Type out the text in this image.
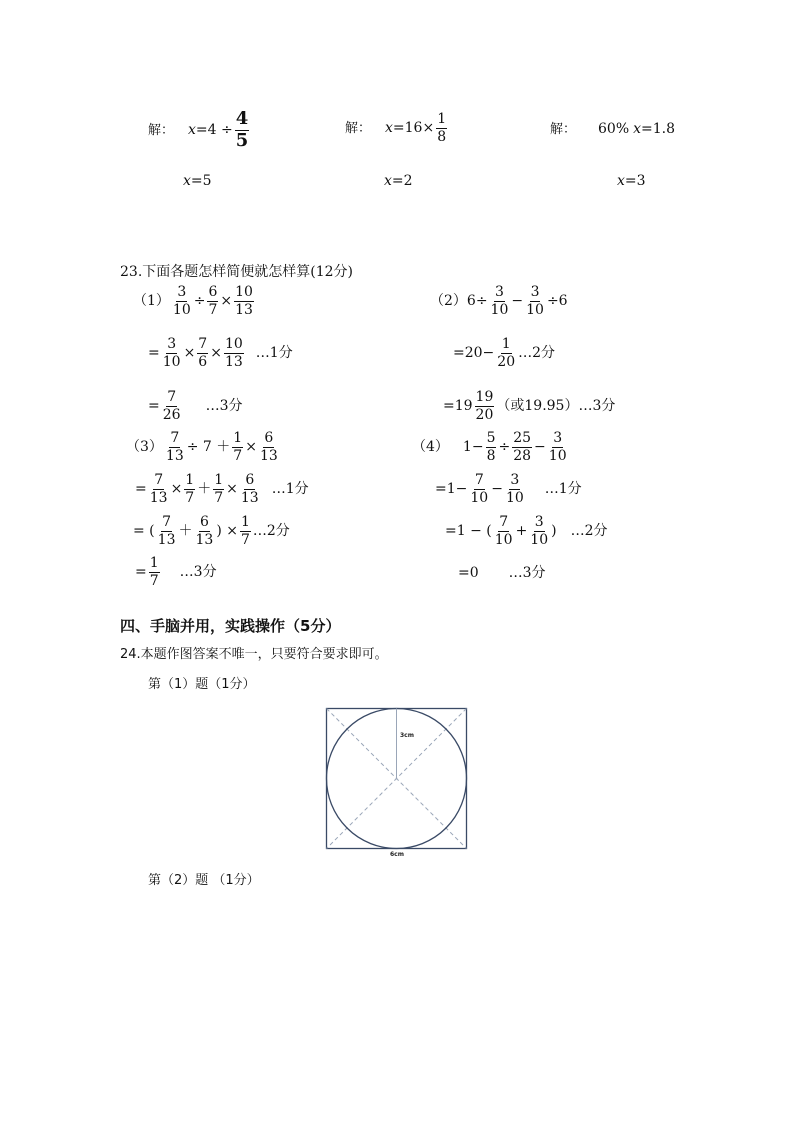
解： $x =4 \div \frac{4}{5}$	解： $x =16\times \frac{1}{8}$	解： 60% x =1.8
x=5	x=2	x=3
23.下面各题怎样简便就怎样算(12分)
$(1) \frac{3}{10} \div \frac{6}{7} \times \frac{10}{13}$
= $\frac{3}{10} \times \frac{7}{6} \times \frac{10}{13}$ …1分
= $\frac{7}{26}$ …3分
$(2)6\div \frac{3}{10} - \frac{3}{10} \div 6$
$=20- \frac{1}{20}$ …2分
$=19 \frac{19}{20}$ （或19.95） …3分
$(3) \frac{7}{13} \div 7 + \frac{1}{7} \times \frac{6}{13}$
= $\frac{7}{13} \times \frac{1}{7} + \frac{1}{7} \times \frac{6}{13}$ …1分
= ( $\frac{7}{13} + \frac{6}{13}$ ) × $\frac{1}{7}$ …2分
= $\frac{1}{7}$ …3分
（4） $1- \frac{5}{8} \div \frac{25}{28} - \frac{3}{10}$
$=1- \frac{7}{10} - \frac{3}{10}$ …1分
=1 − ( $\frac{7}{10} + \frac{3}{10}$ ) …2分
=0 …3分
四、手脑并用，实践操作（5分）
24.本题作图答案不唯一，只要符合要求即可。
第（1）题（1分）
3cm
6cm
第（2）题 （1分）
